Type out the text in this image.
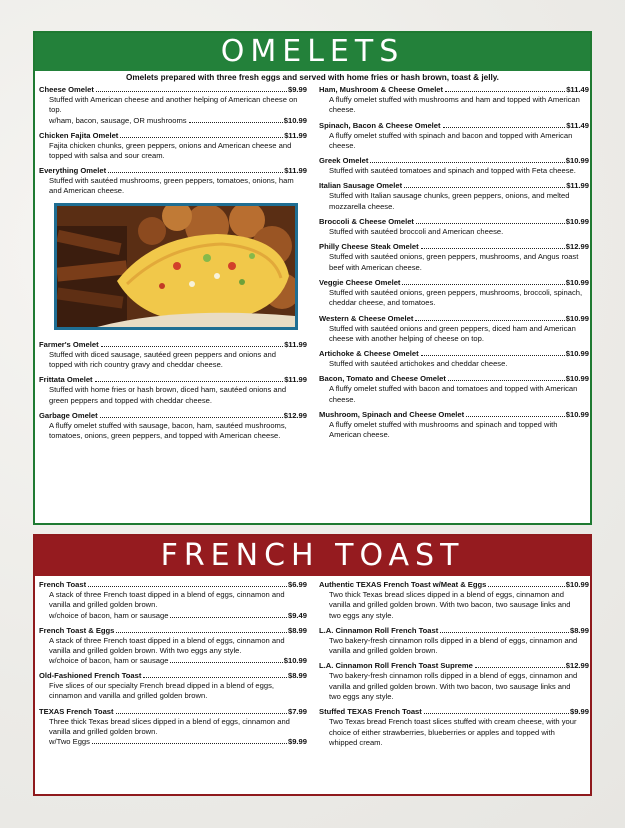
OMELETS
Omelets prepared with three fresh eggs and served with home fries or hash brown, toast & jelly.
Cheese Omelet	$9.99
Stuffed with American cheese and another helping of American cheese on top.
w/ham, bacon, sausage, OR mushrooms	$10.99
Chicken Fajita Omelet	$11.99
Fajita chicken chunks, green peppers, onions and American cheese and topped with salsa and sour cream.
Everything Omelet	$11.99
Stuffed with sautéed mushrooms, green peppers, tomatoes, onions, ham and American cheese.
Farmer's Omelet	$11.99
Stuffed with diced sausage, sautéed green peppers and onions and topped with rich country gravy and cheddar cheese.
Frittata Omelet	$11.99
Stuffed with home fries or hash brown, diced ham, sautéed onions and green peppers and topped with cheddar cheese.
Garbage Omelet	$12.99
A fluffy omelet stuffed with sausage, bacon, ham, sautéed mushrooms, tomatoes, onions, green peppers, and topped with American cheese.
Ham, Mushroom & Cheese Omelet	$11.49
A fluffy omelet stuffed with mushrooms and ham and topped with American cheese.
Spinach, Bacon & Cheese Omelet	$11.49
A fluffy omelet stuffed with spinach and bacon and topped with American cheese.
Greek Omelet	$10.99
Stuffed with sautéed tomatoes and spinach and topped with Feta cheese.
Italian Sausage Omelet	$11.99
Stuffed with Italian sausage chunks, green peppers, onions, and melted mozzarella cheese.
Broccoli & Cheese Omelet	$10.99
Stuffed with sautéed broccoli and American cheese.
Philly Cheese Steak Omelet	$12.99
Stuffed with sautéed onions, green peppers, mushrooms, and Angus roast beef with American cheese.
Veggie Cheese Omelet	$10.99
Stuffed with sautéed onions, green peppers, mushrooms, broccoli, spinach, cheddar cheese, and tomatoes.
Western & Cheese Omelet	$10.99
Stuffed with sautéed onions and green peppers, diced ham and American cheese with another helping of cheese on top.
Artichoke & Cheese Omelet	$10.99
Stuffed with sautéed artichokes and cheddar cheese.
Bacon, Tomato and Cheese Omelet	$10.99
A fluffy omelet stuffed with bacon and tomatoes and topped with American cheese.
Mushroom, Spinach and Cheese Omelet	$10.99
A fluffy omelet stuffed with mushrooms and spinach and topped with American cheese.
FRENCH TOAST
French Toast	$6.99
A stack of three French toast dipped in a blend of eggs, cinnamon and vanilla and grilled golden brown.
w/choice of bacon, ham or sausage	$9.49
French Toast & Eggs	$8.99
A stack of three French toast dipped in a blend of eggs, cinnamon and vanilla and grilled golden brown. With two eggs any style.
w/choice of bacon, ham or sausage	$10.99
Old-Fashioned French Toast	$8.99
Five slices of our specialty French bread dipped in a blend of eggs, cinnamon and vanilla and grilled golden brown.
TEXAS French Toast	$7.99
Three thick Texas bread slices dipped in a blend of eggs, cinnamon and vanilla and grilled golden brown.
w/Two Eggs	$9.99
Authentic TEXAS French Toast w/Meat & Eggs	$10.99
Two thick Texas bread slices dipped in a blend of eggs, cinnamon and vanilla and grilled golden brown. With two bacon, two sausage links and two eggs any style.
L.A. Cinnamon Roll French Toast	$8.99
Two bakery-fresh cinnamon rolls dipped in a blend of eggs, cinnamon and vanilla and grilled golden brown.
L.A. Cinnamon Roll French Toast Supreme	$12.99
Two bakery-fresh cinnamon rolls dipped in a blend of eggs, cinnamon and vanilla and grilled golden brown. With two bacon, two sausage links and two eggs any style.
Stuffed TEXAS French Toast	$9.99
Two Texas bread French toast slices stuffed with cream cheese, with your choice of either strawberries, blueberries or apples and topped with whipped cream.
